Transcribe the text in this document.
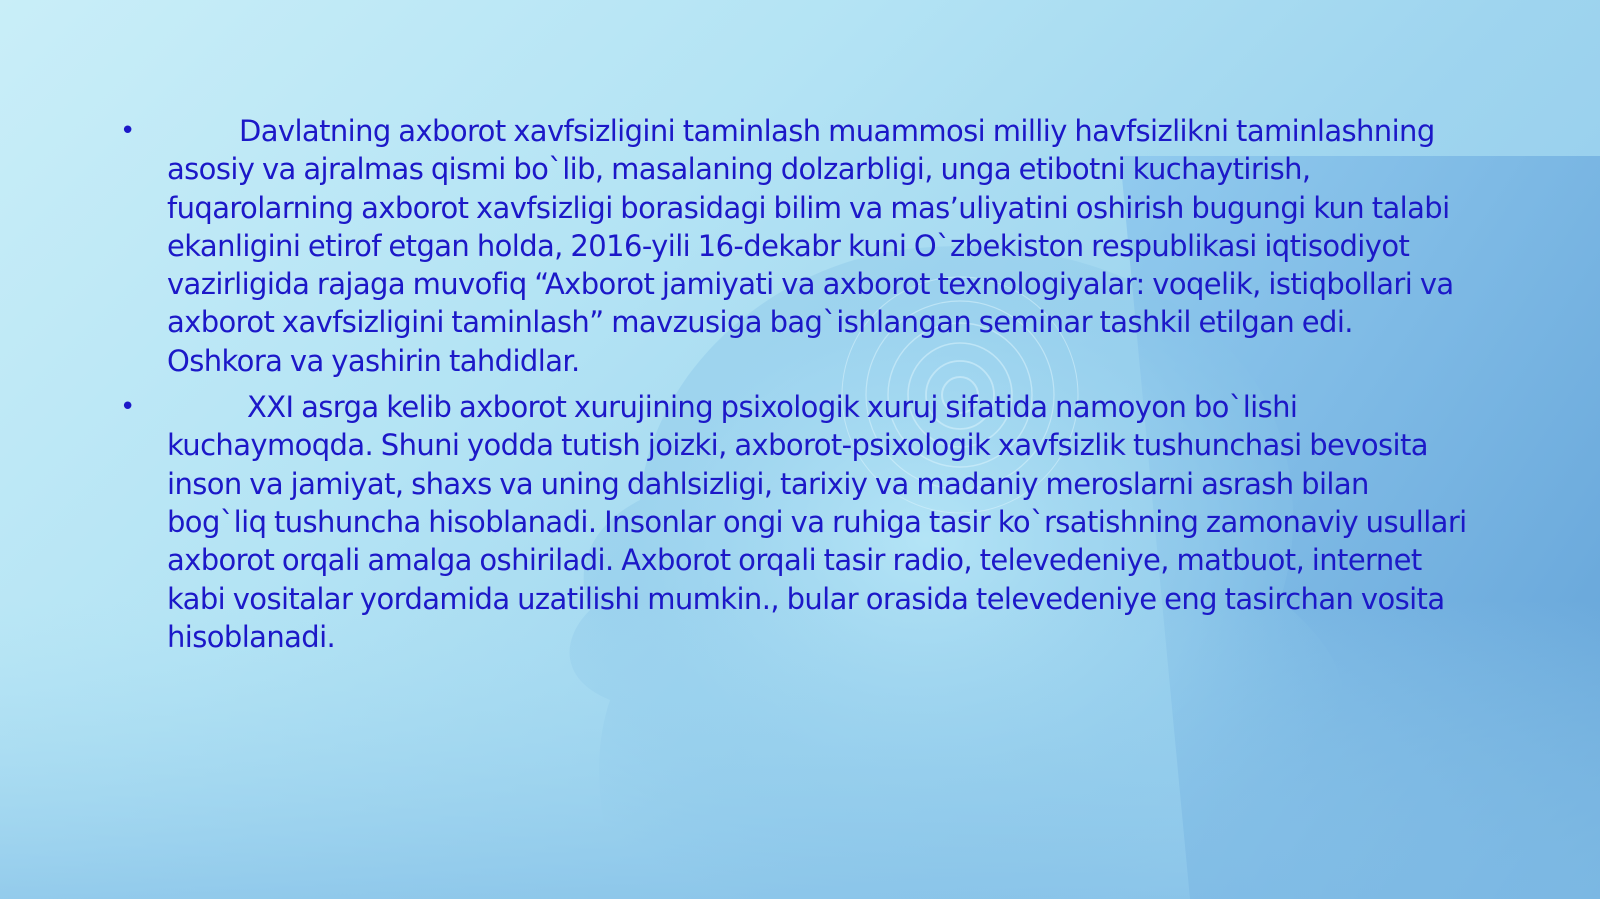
•	Davlatning axborot xavfsizligini taminlash muammosi milliy havfsizlikni taminlashning asosiy va ajralmas qismi bo`lib, masalaning dolzarbligi, unga etibotni kuchaytirish, fuqarolarning axborot xavfsizligi borasidagi bilim va mas’uliyatini oshirish bugungi kun talabi ekanligini etirof etgan holda, 2016-yili 16-dekabr kuni O`zbekiston respublikasi iqtisodiyot vazirligida rajaga muvofiq “Axborot jamiyati va axborot texnologiyalar: voqelik, istiqbollari va axborot xavfsizligini taminlash” mavzusiga bag`ishlangan seminar tashkil etilgan edi. Oshkora va yashirin tahdidlar.

•	XXI asrga kelib axborot xurujining psixologik xuruj sifatida namoyon bo`lishi kuchaymoqda. Shuni yodda tutish joizki, axborot-psixologik xavfsizlik tushunchasi bevosita inson va jamiyat, shaxs va uning dahlsizligi, tarixiy va madaniy meroslarni asrash bilan bog`liq tushuncha hisoblanadi. Insonlar ongi va ruhiga tasir ko`rsatishning zamonaviy usullari axborot orqali amalga oshiriladi. Axborot orqali tasir radio, televedeniye, matbuot, internet kabi vositalar yordamida uzatilishi mumkin., bular orasida televedeniye eng tasirchan vosita hisoblanadi.
